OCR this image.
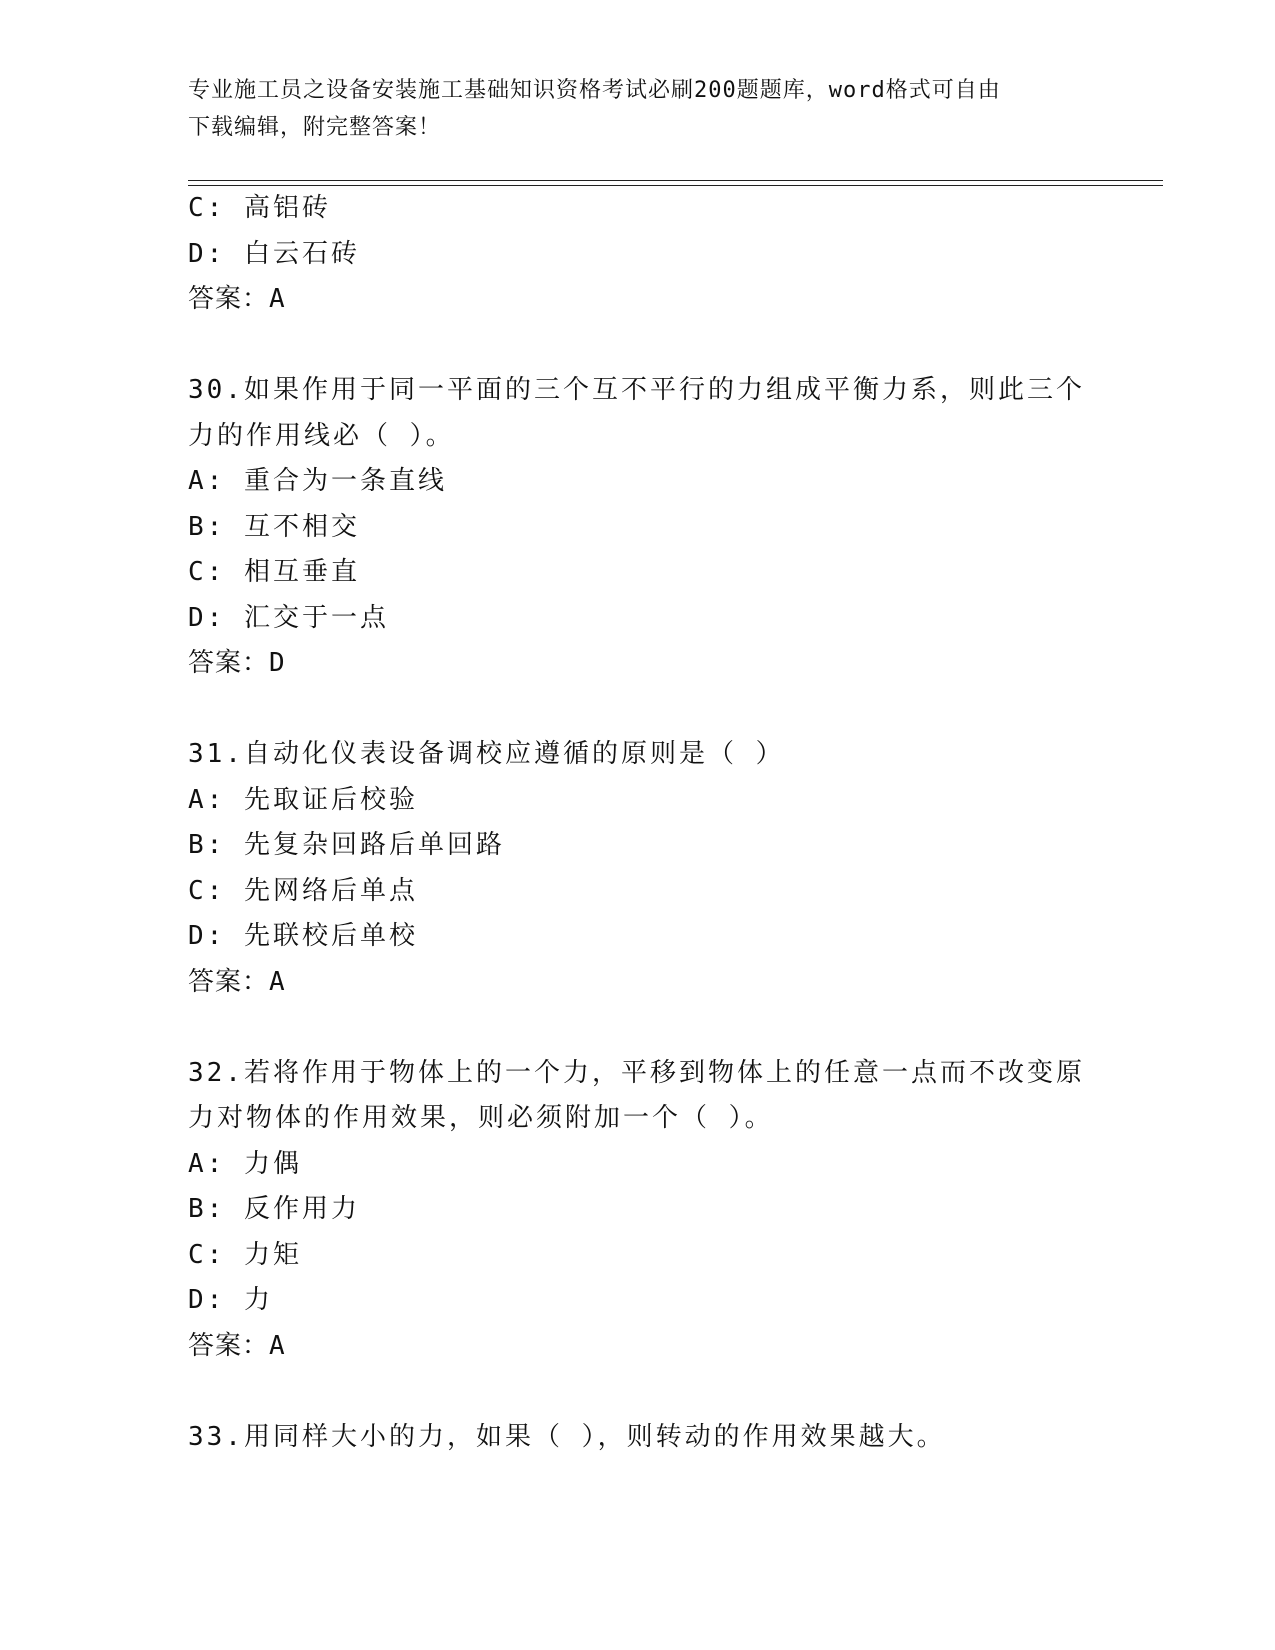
专业施工员之设备安装施工基础知识资格考试必刷200题题库，word格式可自由
下载编辑，附完整答案！
C: 高铝砖
D: 白云石砖
答案：A
30.如果作用于同一平面的三个互不平行的力组成平衡力系，则此三个
力的作用线必（ ）。
A: 重合为一条直线
B: 互不相交
C: 相互垂直
D: 汇交于一点
答案：D
31.自动化仪表设备调校应遵循的原则是（ ）
A: 先取证后校验
B: 先复杂回路后单回路
C: 先网络后单点
D: 先联校后单校
答案：A
32.若将作用于物体上的一个力，平移到物体上的任意一点而不改变原
力对物体的作用效果，则必须附加一个（ ）。
A: 力偶
B: 反作用力
C: 力矩
D: 力
答案：A
33.用同样大小的力，如果（ ），则转动的作用效果越大。
